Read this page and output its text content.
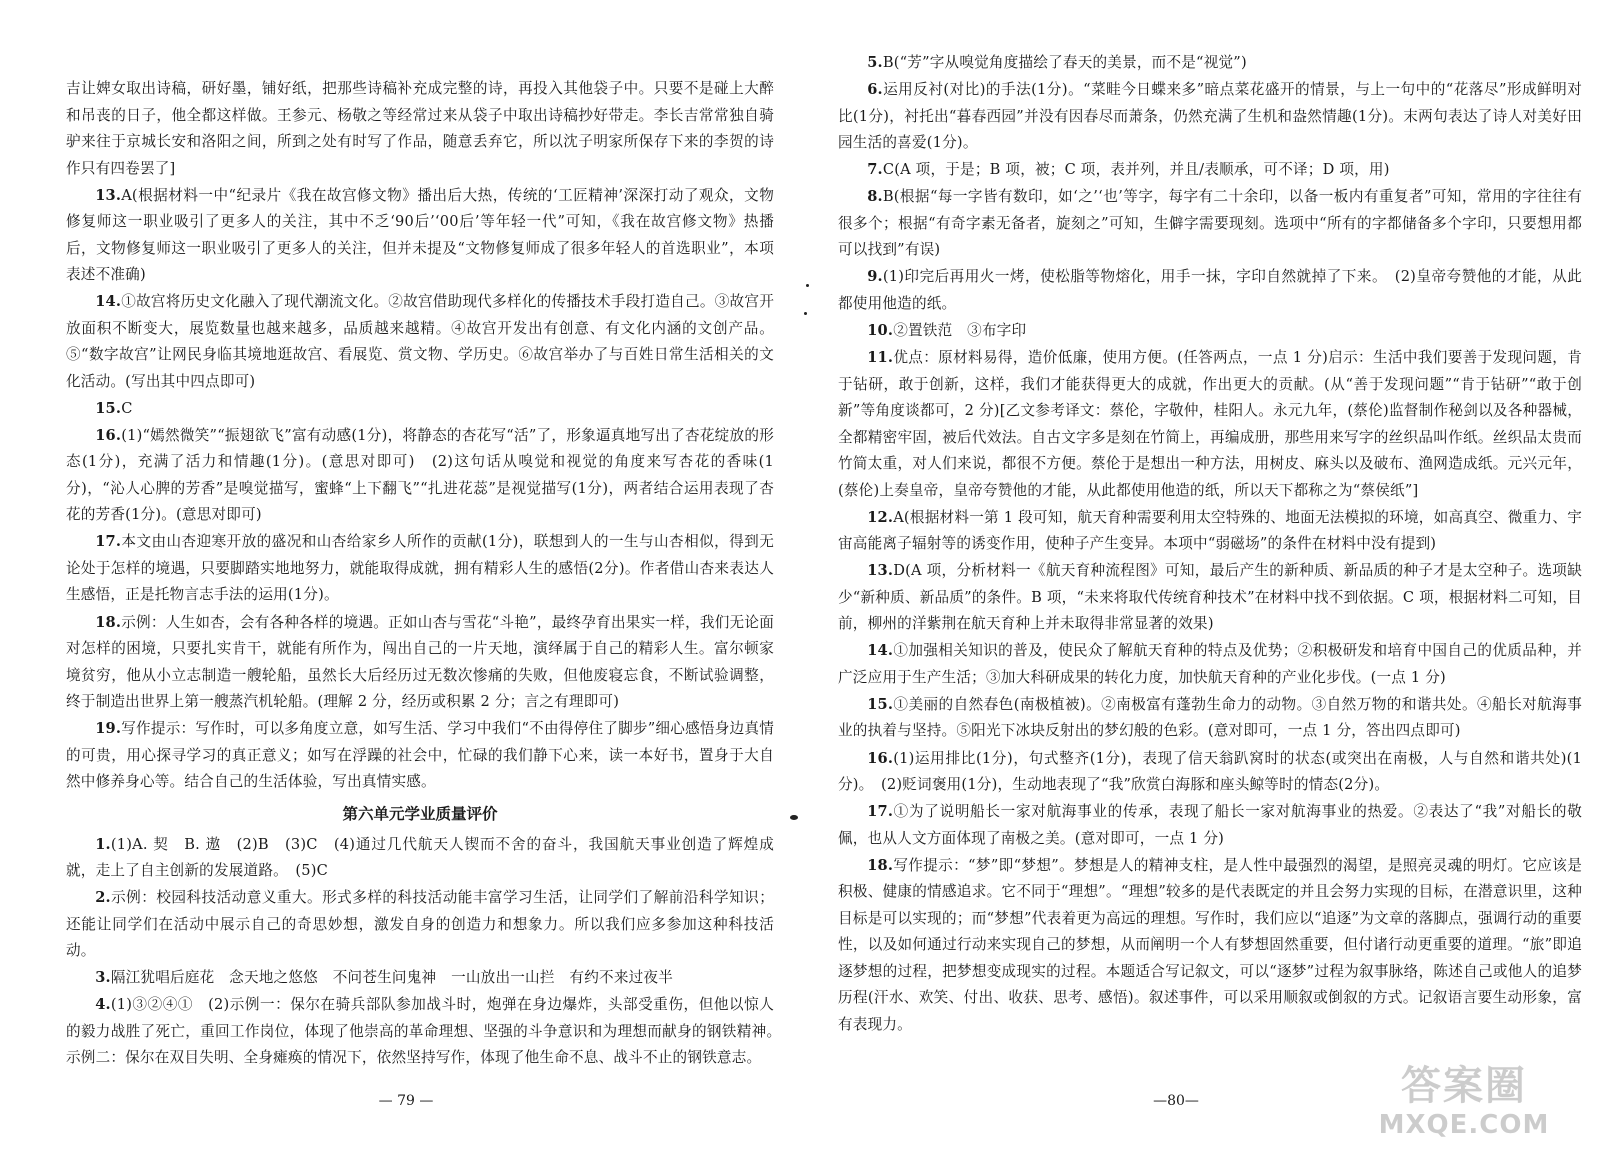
吉让婢女取出诗稿，研好墨，铺好纸，把那些诗稿补充成完整的诗，再投入其他袋子中。只要不是碰上大醉和吊丧的日子，他全都这样做。王参元、杨敬之等经常过来从袋子中取出诗稿抄好带走。李长吉常常独自骑驴来往于京城长安和洛阳之间，所到之处有时写了作品，随意丢弃它，所以沈子明家所保存下来的李贺的诗作只有四卷罢了]

13.A(根据材料一中“纪录片《我在故宫修文物》播出后大热，传统的‘工匠精神’深深打动了观众，文物修复师这一职业吸引了更多人的关注，其中不乏‘90后’‘00后’等年轻一代”可知，《我在故宫修文物》热播后，文物修复师这一职业吸引了更多人的关注，但并未提及“文物修复师成了很多年轻人的首选职业”，本项表述不准确)

14.①故宫将历史文化融入了现代潮流文化。②故宫借助现代多样化的传播技术手段打造自己。③故宫开放面积不断变大，展览数量也越来越多，品质越来越精。④故宫开发出有创意、有文化内涵的文创产品。⑤“数字故宫”让网民身临其境地逛故宫、看展览、赏文物、学历史。⑥故宫举办了与百姓日常生活相关的文化活动。(写出其中四点即可)

15.C

16.(1)“嫣然微笑”“振翅欲飞”富有动感(1分)，将静态的杏花写“活”了，形象逼真地写出了杏花绽放的形态(1分)，充满了活力和情趣(1分)。(意思对即可)　(2)这句话从嗅觉和视觉的角度来写杏花的香味(1分)，“沁人心脾的芳香”是嗅觉描写，蜜蜂“上下翻飞”“扎进花蕊”是视觉描写(1分)，两者结合运用表现了杏花的芳香(1分)。(意思对即可)

17.本文由山杏迎寒开放的盛况和山杏给家乡人所作的贡献(1分)，联想到人的一生与山杏相似，得到无论处于怎样的境遇，只要脚踏实地地努力，就能取得成就，拥有精彩人生的感悟(2分)。作者借山杏来表达人生感悟，正是托物言志手法的运用(1分)。

18.示例：人生如杏，会有各种各样的境遇。正如山杏与雪花“斗艳”，最终孕育出果实一样，我们无论面对怎样的困境，只要扎实肯干，就能有所作为，闯出自己的一片天地，演绎属于自己的精彩人生。富尔顿家境贫穷，他从小立志制造一艘轮船，虽然长大后经历过无数次惨痛的失败，但他废寝忘食，不断试验调整，终于制造出世界上第一艘蒸汽机轮船。(理解 2 分，经历或积累 2 分；言之有理即可)

19.写作提示：写作时，可以多角度立意，如写生活、学习中我们“不由得停住了脚步”细心感悟身边真情的可贵，用心探寻学习的真正意义；如写在浮躁的社会中，忙碌的我们静下心来，读一本好书，置身于大自然中修养身心等。结合自己的生活体验，写出真情实感。

第六单元学业质量评价

1.(1)A. 契　B. 遨　(2)B　(3)C　(4)通过几代航天人锲而不舍的奋斗，我国航天事业创造了辉煌成就，走上了自主创新的发展道路。　(5)C

2.示例：校园科技活动意义重大。形式多样的科技活动能丰富学习生活，让同学们了解前沿科学知识；还能让同学们在活动中展示自己的奇思妙想，激发自身的创造力和想象力。所以我们应多参加这种科技活动。

3.隔江犹唱后庭花　念天地之悠悠　不问苍生问鬼神　一山放出一山拦　有约不来过夜半

4.(1)③②④①　(2)示例一：保尔在骑兵部队参加战斗时，炮弹在身边爆炸，头部受重伤，但他以惊人的毅力战胜了死亡，重回工作岗位，体现了他崇高的革命理想、坚强的斗争意识和为理想而献身的钢铁精神。　示例二：保尔在双目失明、全身瘫痪的情况下，依然坚持写作，体现了他生命不息、战斗不止的钢铁意志。

— 79 —

5.B(“芳”字从嗅觉角度描绘了春天的美景，而不是“视觉”)

6.运用反衬(对比)的手法(1分)。“菜畦今日蝶来多”暗点菜花盛开的情景，与上一句中的“花落尽”形成鲜明对比(1分)，衬托出“暮春西园”并没有因春尽而萧条，仍然充满了生机和盎然情趣(1分)。末两句表达了诗人对美好田园生活的喜爱(1分)。

7.C(A 项，于是；B 项，被；C 项，表并列，并且/表顺承，可不译；D 项，用)

8.B(根据“每一字皆有数印，如‘之’‘也’等字，每字有二十余印，以备一板内有重复者”可知，常用的字往往有很多个；根据“有奇字素无备者，旋刻之”可知，生僻字需要现刻。选项中“所有的字都储备多个字印，只要想用都可以找到”有误)

9.(1)印完后再用火一烤，使松脂等物熔化，用手一抹，字印自然就掉了下来。　(2)皇帝夸赞他的才能，从此都使用他造的纸。

10.②置铁范　③布字印

11.优点：原材料易得，造价低廉，使用方便。(任答两点，一点 1 分)启示：生活中我们要善于发现问题，肯于钻研，敢于创新，这样，我们才能获得更大的成就，作出更大的贡献。(从“善于发现问题”“肯于钻研”“敢于创新”等角度谈都可，2 分)[乙文参考译文：蔡伦，字敬仲，桂阳人。永元九年，(蔡伦)监督制作秘剑以及各种器械，全都精密牢固，被后代效法。自古文字多是刻在竹简上，再编成册，那些用来写字的丝织品叫作纸。丝织品太贵而竹简太重，对人们来说，都很不方便。蔡伦于是想出一种方法，用树皮、麻头以及破布、渔网造成纸。元兴元年，(蔡伦)上奏皇帝，皇帝夸赞他的才能，从此都使用他造的纸，所以天下都称之为“蔡侯纸”]

12.A(根据材料一第 1 段可知，航天育种需要利用太空特殊的、地面无法模拟的环境，如高真空、微重力、宇宙高能离子辐射等的诱变作用，使种子产生变异。本项中“弱磁场”的条件在材料中没有提到)

13.D(A 项，分析材料一《航天育种流程图》可知，最后产生的新种质、新品质的种子才是太空种子。选项缺少“新种质、新品质”的条件。B 项，“未来将取代传统育种技术”在材料中找不到依据。C 项，根据材料二可知，目前，柳州的洋紫荆在航天育种上并未取得非常显著的效果)

14.①加强相关知识的普及，使民众了解航天育种的特点及优势；②积极研发和培育中国自己的优质品种，并广泛应用于生产生活；③加大科研成果的转化力度，加快航天育种的产业化步伐。(一点 1 分)

15.①美丽的自然春色(南极植被)。②南极富有蓬勃生命力的动物。③自然万物的和谐共处。④船长对航海事业的执着与坚持。⑤阳光下冰块反射出的梦幻般的色彩。(意对即可，一点 1 分，答出四点即可)

16.(1)运用排比(1分)，句式整齐(1分)，表现了信天翁趴窝时的状态(或突出在南极，人与自然和谐共处)(1分)。　(2)贬词褒用(1分)，生动地表现了“我”欣赏白海豚和座头鲸等时的情态(2分)。

17.①为了说明船长一家对航海事业的传承，表现了船长一家对航海事业的热爱。②表达了“我”对船长的敬佩，也从人文方面体现了南极之美。(意对即可，一点 1 分)

18.写作提示：“梦”即“梦想”。梦想是人的精神支柱，是人性中最强烈的渴望，是照亮灵魂的明灯。它应该是积极、健康的情感追求。它不同于“理想”。“理想”较多的是代表既定的并且会努力实现的目标，在潜意识里，这种目标是可以实现的；而“梦想”代表着更为高远的理想。写作时，我们应以“追逐”为文章的落脚点，强调行动的重要性，以及如何通过行动来实现自己的梦想，从而阐明一个人有梦想固然重要，但付诸行动更重要的道理。“旅”即追逐梦想的过程，把梦想变成现实的过程。本题适合写记叙文，可以“逐梦”过程为叙事脉络，陈述自己或他人的追梦历程(汗水、欢笑、付出、收获、思考、感悟)。叙述事件，可以采用顺叙或倒叙的方式。记叙语言要生动形象，富有表现力。

—80—	答案圈
MXQE.COM
